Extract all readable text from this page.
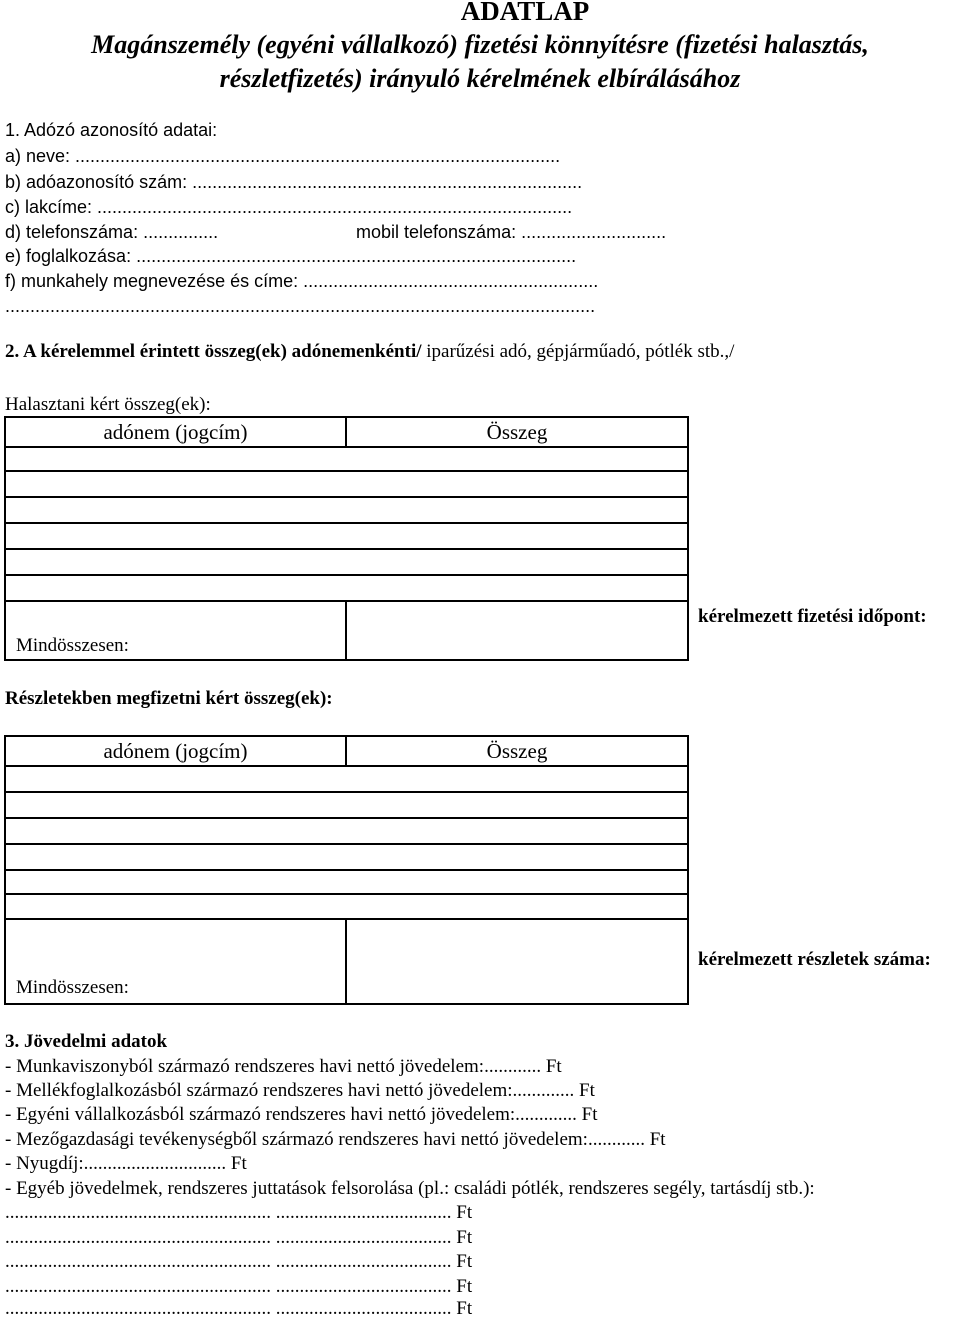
ADATLAP
Magánszemély (egyéni vállalkozó) fizetési könnyítésre (fizetési halasztás,
részletfizetés) irányuló kérelmének elbírálásához
1. Adózó azonosító adatai:
a) neve: .................................................................................................
b) adóazonosító szám: ..............................................................................
c) lakcíme: ...............................................................................................
d) telefonszáma: ...............	mobil telefonszáma: .............................
e) foglalkozása: ........................................................................................
f) munkahely megnevezése és címe: ...........................................................
......................................................................................................................
2. A kérelemmel érintett összeg(ek) adónemenkénti/ iparűzési adó, gépjárműadó, pótlék stb.,/
Halasztani kért összeg(ek):
adónem (jogcím)	Összeg
Mindösszesen:
kérelmezett fizetési időpont:
Részletekben megfizetni kért összeg(ek):
adónem (jogcím)	Összeg
Mindösszesen:
kérelmezett részletek száma:
3. Jövedelmi adatok
- Munkaviszonyból származó rendszeres havi nettó jövedelem:............ Ft
- Mellékfoglalkozásból származó rendszeres havi nettó jövedelem:............. Ft
- Egyéni vállalkozásból származó rendszeres havi nettó jövedelem:............. Ft
- Mezőgazdasági tevékenységből származó rendszeres havi nettó jövedelem:............ Ft
- Nyugdíj:.............................. Ft
- Egyéb jövedelmek, rendszeres juttatások felsorolása (pl.: családi pótlék, rendszeres segély, tartásdíj stb.):
........................................................ ..................................... Ft
........................................................ ..................................... Ft
........................................................ ..................................... Ft
........................................................ ..................................... Ft
........................................................ ..................................... Ft
